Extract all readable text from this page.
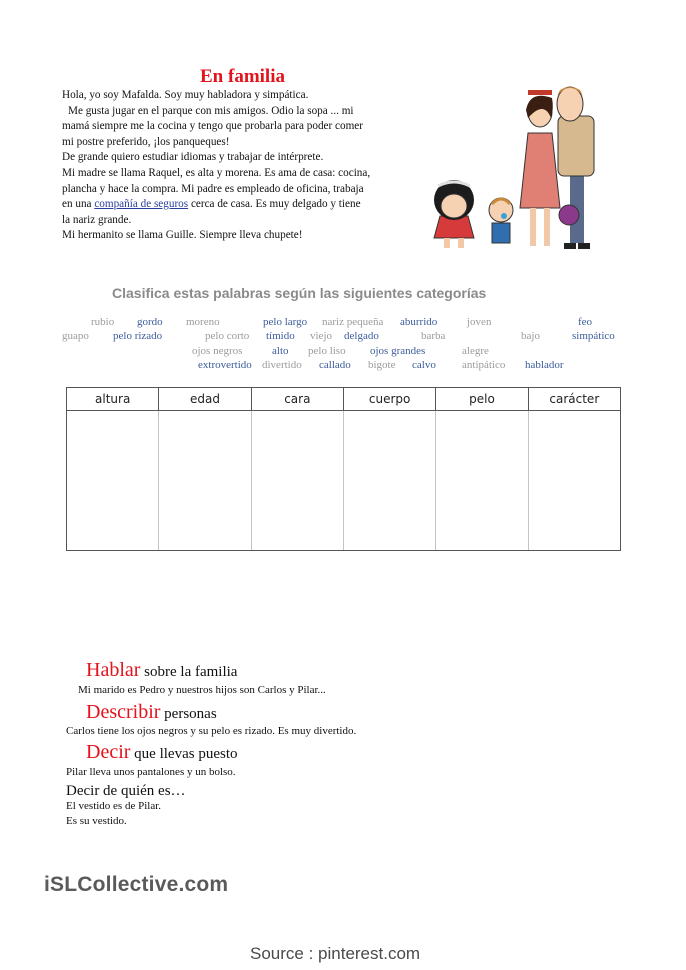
En familia
Hola, yo soy Mafalda. Soy muy habladora y simpática.
Me gusta jugar en el parque con mis amigos. Odio la sopa ... mi
mamá siempre me la cocina y tengo que probarla para poder comer
mi postre preferido, ¡los panqueques!
De grande quiero estudiar idiomas y trabajar de intérprete.
Mi madre se llama Raquel, es alta y morena. Es ama de casa: cocina,
plancha y hace la compra. Mi padre es empleado de oficina, trabaja
en una compañía de seguros cerca de casa. Es muy delgado y tiene
la nariz grande.
Mi hermanito se llama Guille. Siempre lleva chupete!
Clasifica estas palabras según las siguientes categorías
rubio gordo moreno	pelo largo nariz pequeña aburrido	joven	feo
guapo pelo rizado	pelo corto tímido viejo delgado	barba	bajo	simpático
ojos negros	alto pelo liso ojos grandes	alegre
extrovertido divertido callado bigote calvo antipático hablador
altura	edad	cara	cuerpo	pelo	carácter

Hablar sobre la familia
Mi marido es Pedro y nuestros hijos son Carlos y Pilar...
Describir personas
Carlos tiene los ojos negros y su pelo es rizado. Es muy divertido.
Decir que llevas puesto
Pilar lleva unos pantalones y un bolso.
Decir de quién es…
El vestido es de Pilar.
Es su vestido.
iSLCollective.com
Source : pinterest.com
